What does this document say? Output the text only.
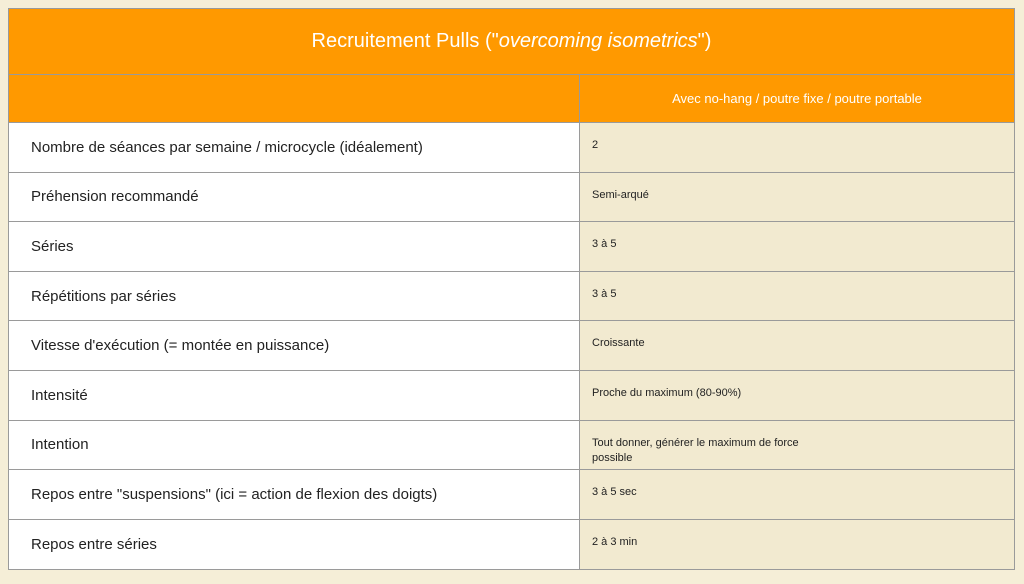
Recruitement Pulls (" overcoming isometrics ")
Avec no-hang / poutre fixe / poutre portable
Nombre de séances par semaine / microcycle (idéalement)	2
Préhension recommandé	Semi-arqué
Séries	3 à 5
Répétitions par séries	3 à 5
Vitesse d'exécution (= montée en puissance)	Croissante
Intensité	Proche du maximum (80-90%)
Intention	Tout donner, générer le maximum de force
possible
Repos entre "suspensions" (ici = action de flexion des doigts)	3 à 5 sec
Repos entre séries	2 à 3 min
